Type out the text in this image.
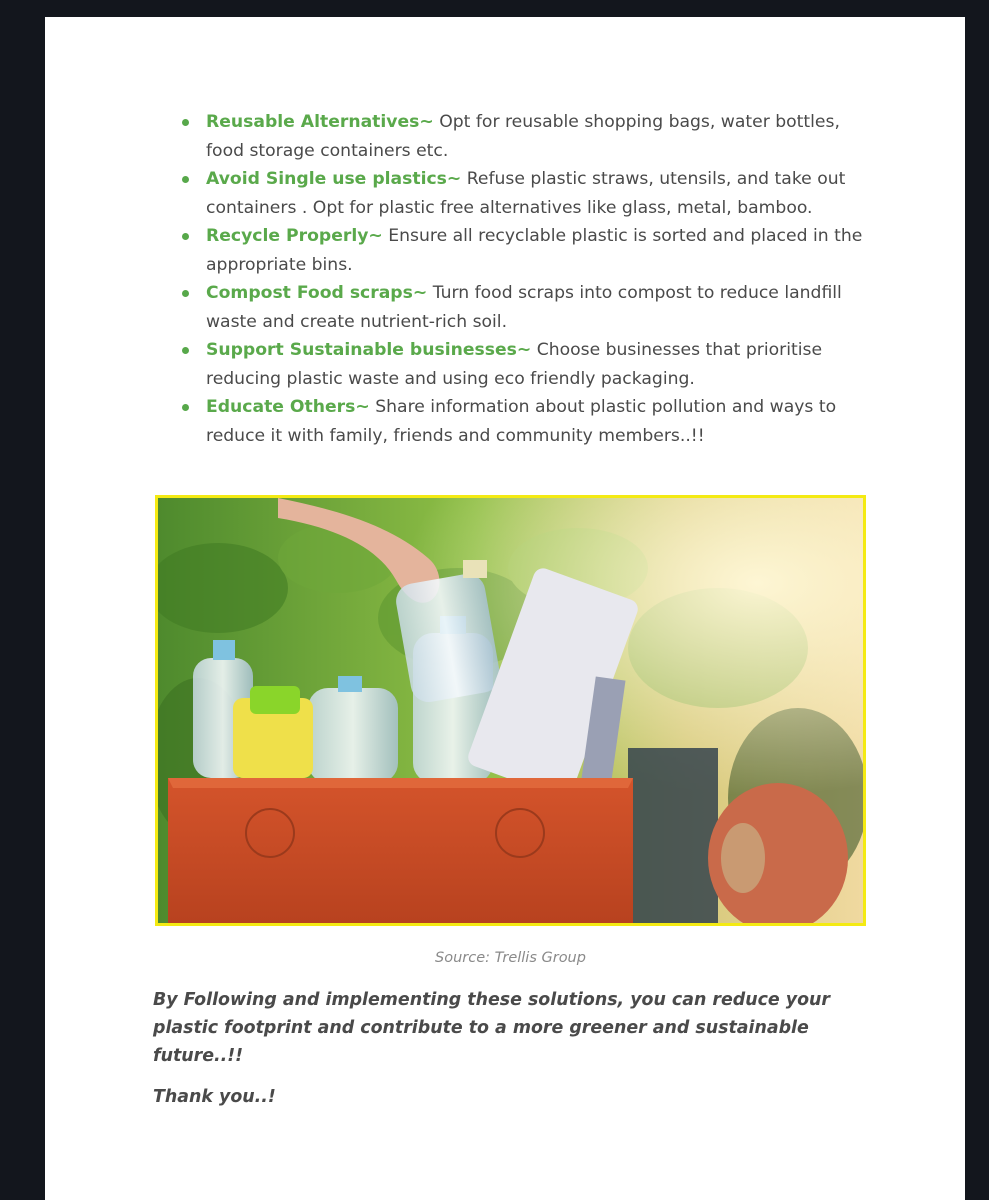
Reusable Alternatives~ Opt for reusable shopping bags, water bottles, food storage containers etc.
Avoid Single use plastics~ Refuse plastic straws, utensils, and take out containers . Opt for plastic free alternatives like glass, metal, bamboo.
Recycle Properly~ Ensure all recyclable plastic is sorted and placed in the appropriate bins.
Compost Food scraps~ Turn food scraps into compost to reduce landfill waste and create nutrient-rich soil.
Support Sustainable businesses~ Choose businesses that prioritise reducing plastic waste and using eco friendly packaging.
Educate Others~ Share information about plastic pollution and ways to reduce it with family, friends and community members..!!
Source: Trellis Group

By Following and implementing these solutions, you can reduce your plastic footprint and contribute to a more greener and sustainable future..!!

Thank you..!
